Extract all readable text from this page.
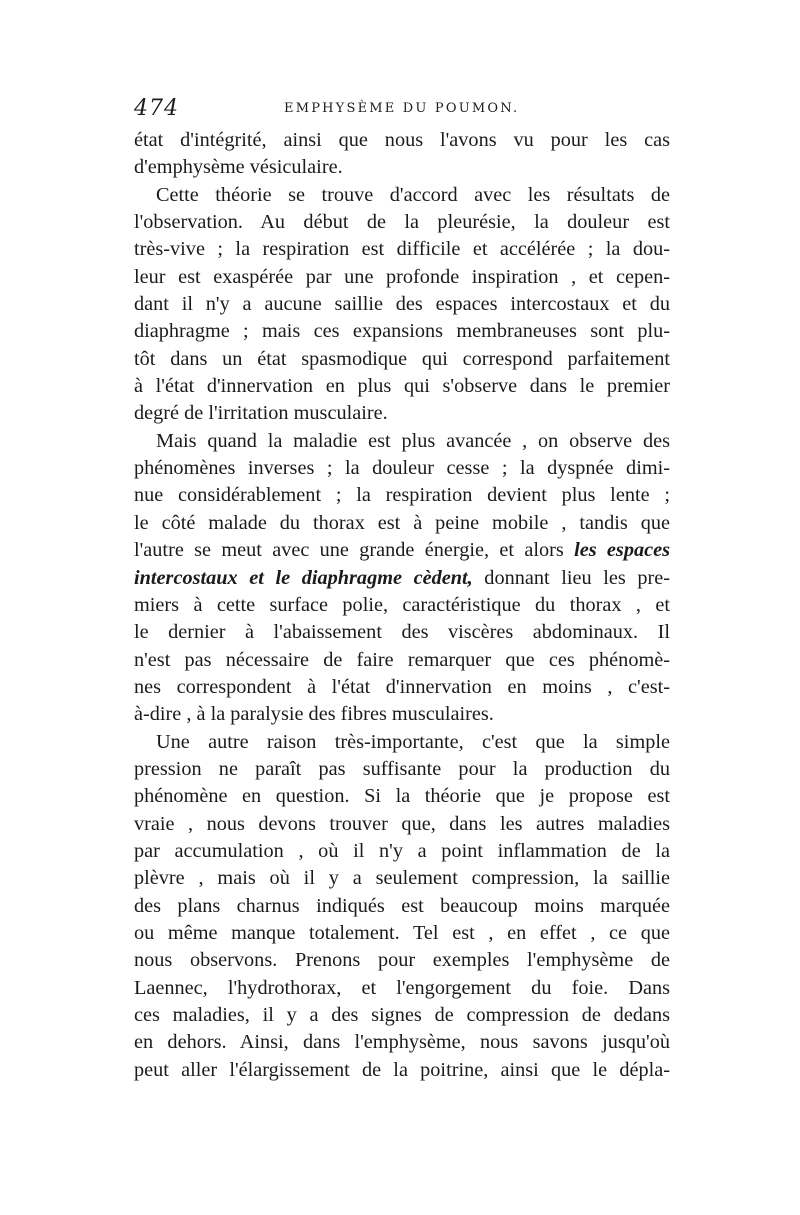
474	EMPHYSÈME DU POUMON.
état d'intégrité, ainsi que nous l'avons vu pour les cas
d'emphysème vésiculaire.
Cette théorie se trouve d'accord avec les résultats de
l'observation. Au début de la pleurésie, la douleur est
très-vive ; la respiration est difficile et accélérée ; la dou-
leur est exaspérée par une profonde inspiration , et cepen-
dant il n'y a aucune saillie des espaces intercostaux et du
diaphragme ; mais ces expansions membraneuses sont plu-
tôt dans un état spasmodique qui correspond parfaitement
à l'état d'innervation en plus qui s'observe dans le premier
degré de l'irritation musculaire.
Mais quand la maladie est plus avancée , on observe des
phénomènes inverses ; la douleur cesse ; la dyspnée dimi-
nue considérablement ; la respiration devient plus lente ;
le côté malade du thorax est à peine mobile , tandis que
l'autre se meut avec une grande énergie, et alors les espaces
intercostaux et le diaphragme cèdent, donnant lieu les pre-
miers à cette surface polie, caractéristique du thorax , et
le dernier à l'abaissement des viscères abdominaux. Il
n'est pas nécessaire de faire remarquer que ces phénomè-
nes correspondent à l'état d'innervation en moins , c'est-
à-dire , à la paralysie des fibres musculaires.
Une autre raison très-importante, c'est que la simple
pression ne paraît pas suffisante pour la production du
phénomène en question. Si la théorie que je propose est
vraie , nous devons trouver que, dans les autres maladies
par accumulation , où il n'y a point inflammation de la
plèvre , mais où il y a seulement compression, la saillie
des plans charnus indiqués est beaucoup moins marquée
ou même manque totalement. Tel est , en effet , ce que
nous observons. Prenons pour exemples l'emphysème de
Laennec, l'hydrothorax, et l'engorgement du foie. Dans
ces maladies, il y a des signes de compression de dedans
en dehors. Ainsi, dans l'emphysème, nous savons jusqu'où
peut aller l'élargissement de la poitrine, ainsi que le dépla-
